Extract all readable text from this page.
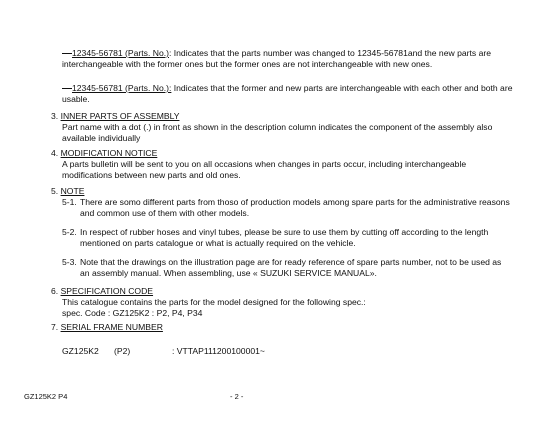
12345-56781 (Parts. No.): Indicates that the parts number was changed to 12345-56781and the new parts are
interchangeable with the former ones but the former ones are not interchangeable with new ones.
12345-56781 (Parts. No.): Indicates that the former and new parts are interchangeable with each other and both are
usable.
3. INNER PARTS OF ASSEMBLY
Part name with a dot (.) in front as shown in the description column indicates the component of the assembly also
available individually
4. MODIFICATION NOTICE
A parts bulletin will be sent to you on all occasions when changes in parts occur, including interchangeable
modifications between new parts and old ones.
5. NOTE
5-1. There are somo different parts from thoso of production models among spare parts for the administrative reasons
and common use of them with other models.
5-2. In respect of rubber hoses and vinyl tubes, please be sure to use them by cutting off according to the length
mentioned on parts catalogue or what is actually required on the vehicle.
5-3. Note that the drawings on the illustration page are for ready reference of spare parts number, not to be used as
an assembly manual. When assembling, use « SUZUKI SERVICE MANUAL».
6. SPECIFICATION CODE
This catalogue contains the parts for the model designed for the following spec.:
spec. Code : GZ125K2 : P2, P4, P34
7. SERIAL FRAME NUMBER
GZ125K2 (P2)	: VTTAP111200100001~
GZ125K2 P4	- 2 -
